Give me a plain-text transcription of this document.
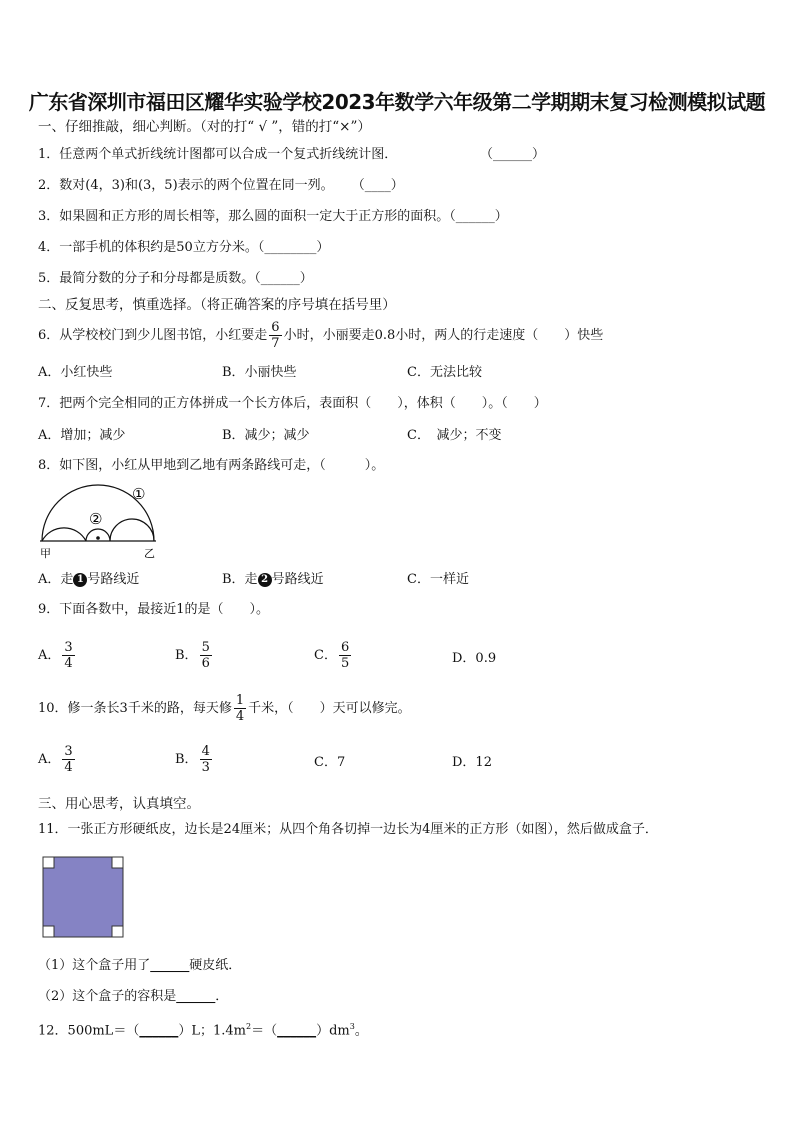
广东省深圳市福田区耀华实验学校2023年数学六年级第二学期期末复习检测模拟试题
一、仔细推敲，细心判断。（对的打“ √ ”，错的打“×”）
1．任意两个单式折线统计图都可以合成一个复式折线统计图．	（______）
2．数对(4，3)和(3，5)表示的两个位置在同一列。 （____）
3．如果圆和正方形的周长相等，那么圆的面积一定大于正方形的面积。（______）
4．一部手机的体积约是50立方分米。（________）
5．最简分数的分子和分母都是质数。（______）
二、反复思考，慎重选择。（将正确答案的序号填在括号里）
6．从学校校门到少儿图书馆，小红要走 $\frac{6}{7}$ 小时，小丽要走0.8小时，两人的行走速度（　　）快些
A．小红快些	B．小丽快些	C．无法比较
7．把两个完全相同的正方体拼成一个长方体后，表面积（　　），体积（　　）。（　　）
A．增加；减少	B．减少；减少	C．　减少；不变
8．如下图，小红从甲地到乙地有两条路线可走，（　　　）。
①
②
甲	乙
A．走 1 号路线近	B．走 2 号路线近	C．一样近
9．下面各数中，最接近1的是（　　）。
A． $\frac{3}{4}$	B． $\frac{5}{6}$	C． $\frac{6}{5}$	D．0.9
10．修一条长3千米的路，每天修 $\frac{1}{4}$ 千米，（　　）天可以修完。
A． $\frac{3}{4}$	B． $\frac{4}{3}$	C．7	D．12
三、用心思考，认真填空。
11．一张正方形硬纸皮，边长是24厘米；从四个角各切掉一边长为4厘米的正方形（如图），然后做成盒子．
（1）这个盒子用了______硬皮纸．
（2）这个盒子的容积是______．
12．500mL＝（______）L；$1.4m^2=(\_\_\_\_\_\_)dm^3$。
